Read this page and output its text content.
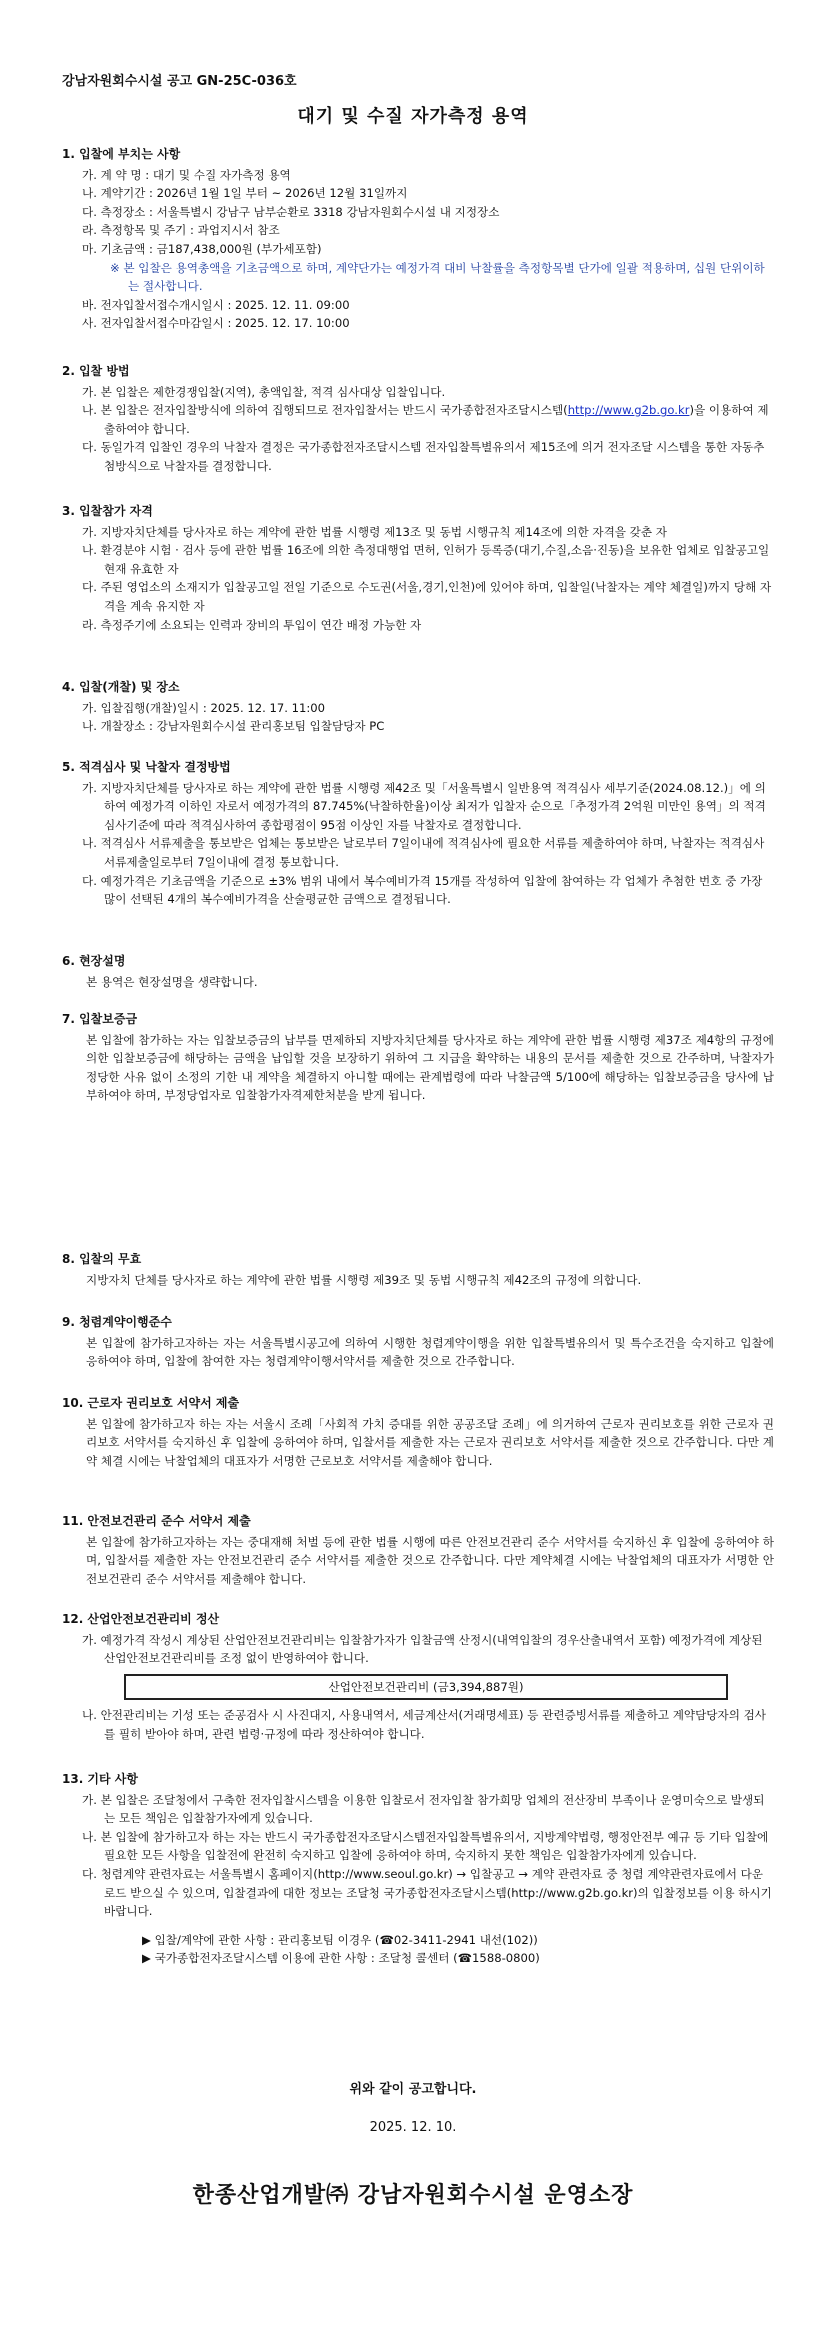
강남자원회수시설 공고 GN-25C-036호
대기 및 수질 자가측정 용역
1. 입찰에 부치는 사항
가. 계 약 명 : 대기 및 수질 자가측정 용역
나. 계약기간 : 2026년 1월 1일 부터 ~ 2026년 12월 31일까지
다. 측정장소 : 서울특별시 강남구 남부순환로 3318 강남자원회수시설 내 지정장소
라. 측정항목 및 주기 : 과업지시서 참조
마. 기초금액 : 금187,438,000원 (부가세포함)
※ 본 입찰은 용역총액을 기초금액으로 하며, 계약단가는 예정가격 대비 낙찰률을 측정항목별 단가에 일괄 적용하며, 십원 단위이하는 절사합니다.
바. 전자입찰서접수개시일시 : 2025. 12. 11. 09:00
사. 전자입찰서접수마감일시 : 2025. 12. 17. 10:00
2. 입찰 방법
가. 본 입찰은 제한경쟁입찰(지역), 총액입찰, 적격 심사대상 입찰입니다.
나. 본 입찰은 전자입찰방식에 의하여 집행되므로 전자입찰서는 반드시 국가종합전자조달시스템(http://www.g2b.go.kr)을 이용하여 제출하여야 합니다.
다. 동일가격 입찰인 경우의 낙찰자 결정은 국가종합전자조달시스템 전자입찰특별유의서 제15조에 의거 전자조달 시스템을 통한 자동추첨방식으로 낙찰자를 결정합니다.
3. 입찰참가 자격
가. 지방자치단체를 당사자로 하는 계약에 관한 법률 시행령 제13조 및 동법 시행규칙 제14조에 의한 자격을 갖춘 자
나. 환경분야 시험 · 검사 등에 관한 법률 16조에 의한 측정대행업 면허, 인허가 등록증(대기,수질,소음·진동)을 보유한 업체로 입찰공고일 현재 유효한 자
다. 주된 영업소의 소재지가 입찰공고일 전일 기준으로 수도권(서울,경기,인천)에 있어야 하며, 입찰일(낙찰자는 계약 체결일)까지 당해 자격을 계속 유지한 자
라. 측정주기에 소요되는 인력과 장비의 투입이 연간 배정 가능한 자
4. 입찰(개찰) 및 장소
가. 입찰집행(개찰)일시 : 2025. 12. 17. 11:00
나. 개찰장소 : 강남자원회수시설 관리홍보팀 입찰담당자 PC
5. 적격심사 및 낙찰자 결정방법
가. 지방자치단체를 당사자로 하는 계약에 관한 법률 시행령 제42조 및「서울특별시 일반용역 적격심사 세부기준(2024.08.12.)」에 의하여 예정가격 이하인 자로서 예정가격의 87.745%(낙찰하한율)이상 최저가 입찰자 순으로「추정가격 2억원 미만인 용역」의 적격심사기준에 따라 적격심사하여 종합평점이 95점 이상인 자를 낙찰자로 결정합니다.
나. 적격심사 서류제출을 통보받은 업체는 통보받은 날로부터 7일이내에 적격심사에 필요한 서류를 제출하여야 하며, 낙찰자는 적격심사 서류제출일로부터 7일이내에 결정 통보합니다.
다. 예정가격은 기초금액을 기준으로 ±3% 범위 내에서 복수예비가격 15개를 작성하여 입찰에 참여하는 각 업체가 추첨한 번호 중 가장 많이 선택된 4개의 복수예비가격을 산술평균한 금액으로 결정됩니다.
6. 현장설명
본 용역은 현장설명을 생략합니다.
7. 입찰보증금
본 입찰에 참가하는 자는 입찰보증금의 납부를 면제하되 지방자치단체를 당사자로 하는 계약에 관한 법률 시행령 제37조 제4항의 규정에 의한 입찰보증금에 해당하는 금액을 납입할 것을 보장하기 위하여 그 지급을 확약하는 내용의 문서를 제출한 것으로 간주하며, 낙찰자가 정당한 사유 없이 소정의 기한 내 계약을 체결하지 아니할 때에는 관계법령에 따라 낙찰금액 5/100에 해당하는 입찰보증금을 당사에 납부하여야 하며, 부정당업자로 입찰참가자격제한처분을 받게 됩니다.
8. 입찰의 무효
지방자치 단체를 당사자로 하는 계약에 관한 법률 시행령 제39조 및 동법 시행규칙 제42조의 규정에 의합니다.
9. 청렴계약이행준수
본 입찰에 참가하고자하는 자는 서울특별시공고에 의하여 시행한 청렴계약이행을 위한 입찰특별유의서 및 특수조건을 숙지하고 입찰에 응하여야 하며, 입찰에 참여한 자는 청렴계약이행서약서를 제출한 것으로 간주합니다.
10. 근로자 권리보호 서약서 제출
본 입찰에 참가하고자 하는 자는 서울시 조례「사회적 가치 증대를 위한 공공조달 조례」에 의거하여 근로자 권리보호를 위한 근로자 권리보호 서약서를 숙지하신 후 입찰에 응하여야 하며, 입찰서를 제출한 자는 근로자 권리보호 서약서를 제출한 것으로 간주합니다. 다만 계약 체결 시에는 낙찰업체의 대표자가 서명한 근로보호 서약서를 제출해야 합니다.
11. 안전보건관리 준수 서약서 제출
본 입찰에 참가하고자하는 자는 중대재해 처벌 등에 관한 법률 시행에 따른 안전보건관리 준수 서약서를 숙지하신 후 입찰에 응하여야 하며, 입찰서를 제출한 자는 안전보건관리 준수 서약서를 제출한 것으로 간주합니다. 다만 계약체결 시에는 낙찰업체의 대표자가 서명한 안전보건관리 준수 서약서를 제출해야 합니다.
12. 산업안전보건관리비 정산
가. 예정가격 작성시 계상된 산업안전보건관리비는 입찰참가자가 입찰금액 산정시(내역입찰의 경우산출내역서 포함) 예정가격에 계상된 산업안전보건관리비를 조정 없이 반영하여야 합니다.
산업안전보건관리비 (금3,394,887원)
나. 안전관리비는 기성 또는 준공검사 시 사진대지, 사용내역서, 세금계산서(거래명세표) 등 관련증빙서류를 제출하고 계약담당자의 검사를 필히 받아야 하며, 관련 법령·규정에 따라 정산하여야 합니다.
13. 기타 사항
가. 본 입찰은 조달청에서 구축한 전자입찰시스템을 이용한 입찰로서 전자입찰 참가희망 업체의 전산장비 부족이나 운영미숙으로 발생되는 모든 책임은 입찰참가자에게 있습니다.
나. 본 입찰에 참가하고자 하는 자는 반드시 국가종합전자조달시스템전자입찰특별유의서, 지방계약법령, 행정안전부 예규 등 기타 입찰에 필요한 모든 사항을 입찰전에 완전히 숙지하고 입찰에 응하여야 하며, 숙지하지 못한 책임은 입찰참가자에게 있습니다.
다. 청렴계약 관련자료는 서울특별시 홈페이지(http://www.seoul.go.kr) → 입찰공고 → 계약 관련자료 중 청렴 계약관련자료에서 다운로드 받으실 수 있으며, 입찰결과에 대한 정보는 조달청 국가종합전자조달시스템(http://www.g2b.go.kr)의 입찰정보를 이용 하시기 바랍니다.
▶ 입찰/계약에 관한 사항 : 관리홍보팀 이경우 (☎02-3411-2941 내선(102))
▶ 국가종합전자조달시스템 이용에 관한 사항 : 조달청 콜센터 (☎1588-0800)
위와 같이 공고합니다.
2025. 12. 10.
한종산업개발㈜ 강남자원회수시설 운영소장
